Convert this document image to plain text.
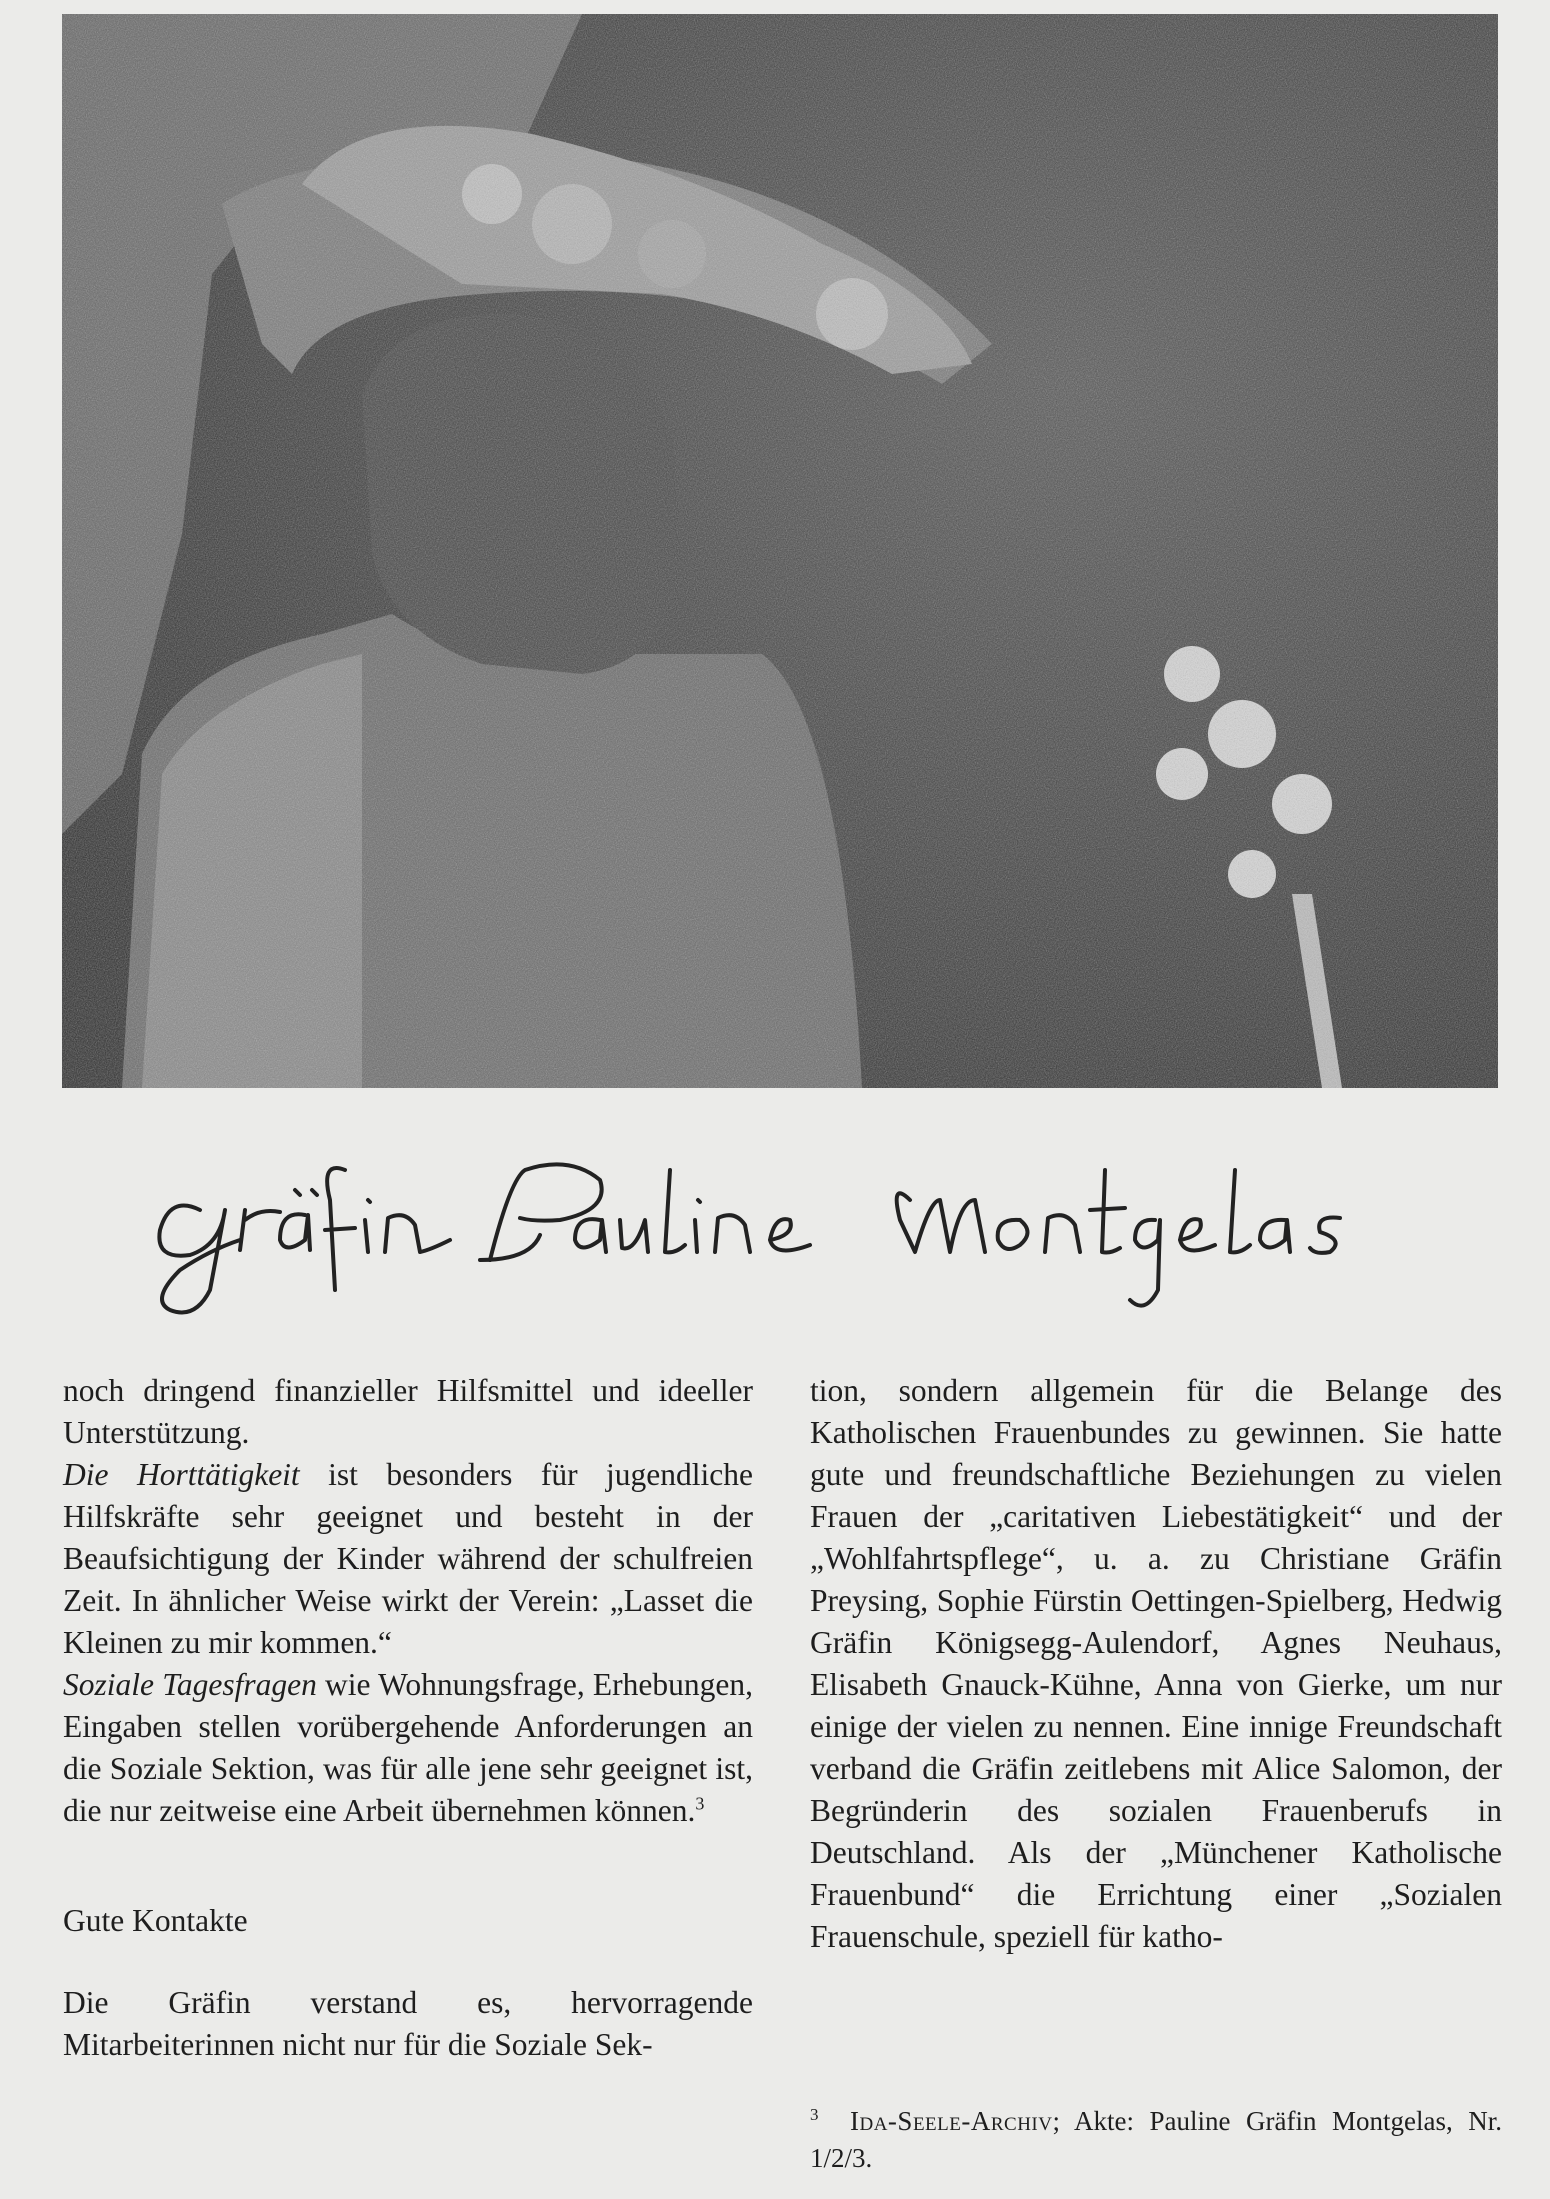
noch dringend finanzieller Hilfsmittel und ideeller Unterstützung.

Die Horttätigkeit ist besonders für jugendliche Hilfskräfte sehr geeignet und besteht in der Beaufsichtigung der Kinder während der schulfreien Zeit. In ähnlicher Weise wirkt der Verein: „Lasset die Kleinen zu mir kommen.“

Soziale Tagesfragen wie Wohnungsfrage, Erhebungen, Eingaben stellen vorübergehende Anforderungen an die Soziale Sektion, was für alle jene sehr geeignet ist, die nur zeitweise eine Arbeit übernehmen können.$^3$

Gute Kontakte

Die Gräfin verstand es, hervorragende Mitarbeiterinnen nicht nur für die Soziale Sek-

tion, sondern allgemein für die Belange des Katholischen Frauenbundes zu gewinnen. Sie hatte gute und freundschaftliche Beziehungen zu vielen Frauen der „caritativen Liebestätigkeit“ und der „Wohlfahrtspflege“, u. a. zu Christiane Gräfin Preysing, Sophie Fürstin Oettingen-Spielberg, Hedwig Gräfin Königsegg-Aulendorf, Agnes Neuhaus, Elisabeth Gnauck-Kühne, Anna von Gierke, um nur einige der vielen zu nennen. Eine innige Freundschaft verband die Gräfin zeitlebens mit Alice Salomon, der Begründerin des sozialen Frauenberufs in Deutschland. Als der „Münchener Katholische Frauenbund“ die Errichtung einer „Sozialen Frauenschule, speziell für katho-

3 Ida-Seele-Archiv; Akte: Pauline Gräfin Montgelas, Nr. 1/2/3.
